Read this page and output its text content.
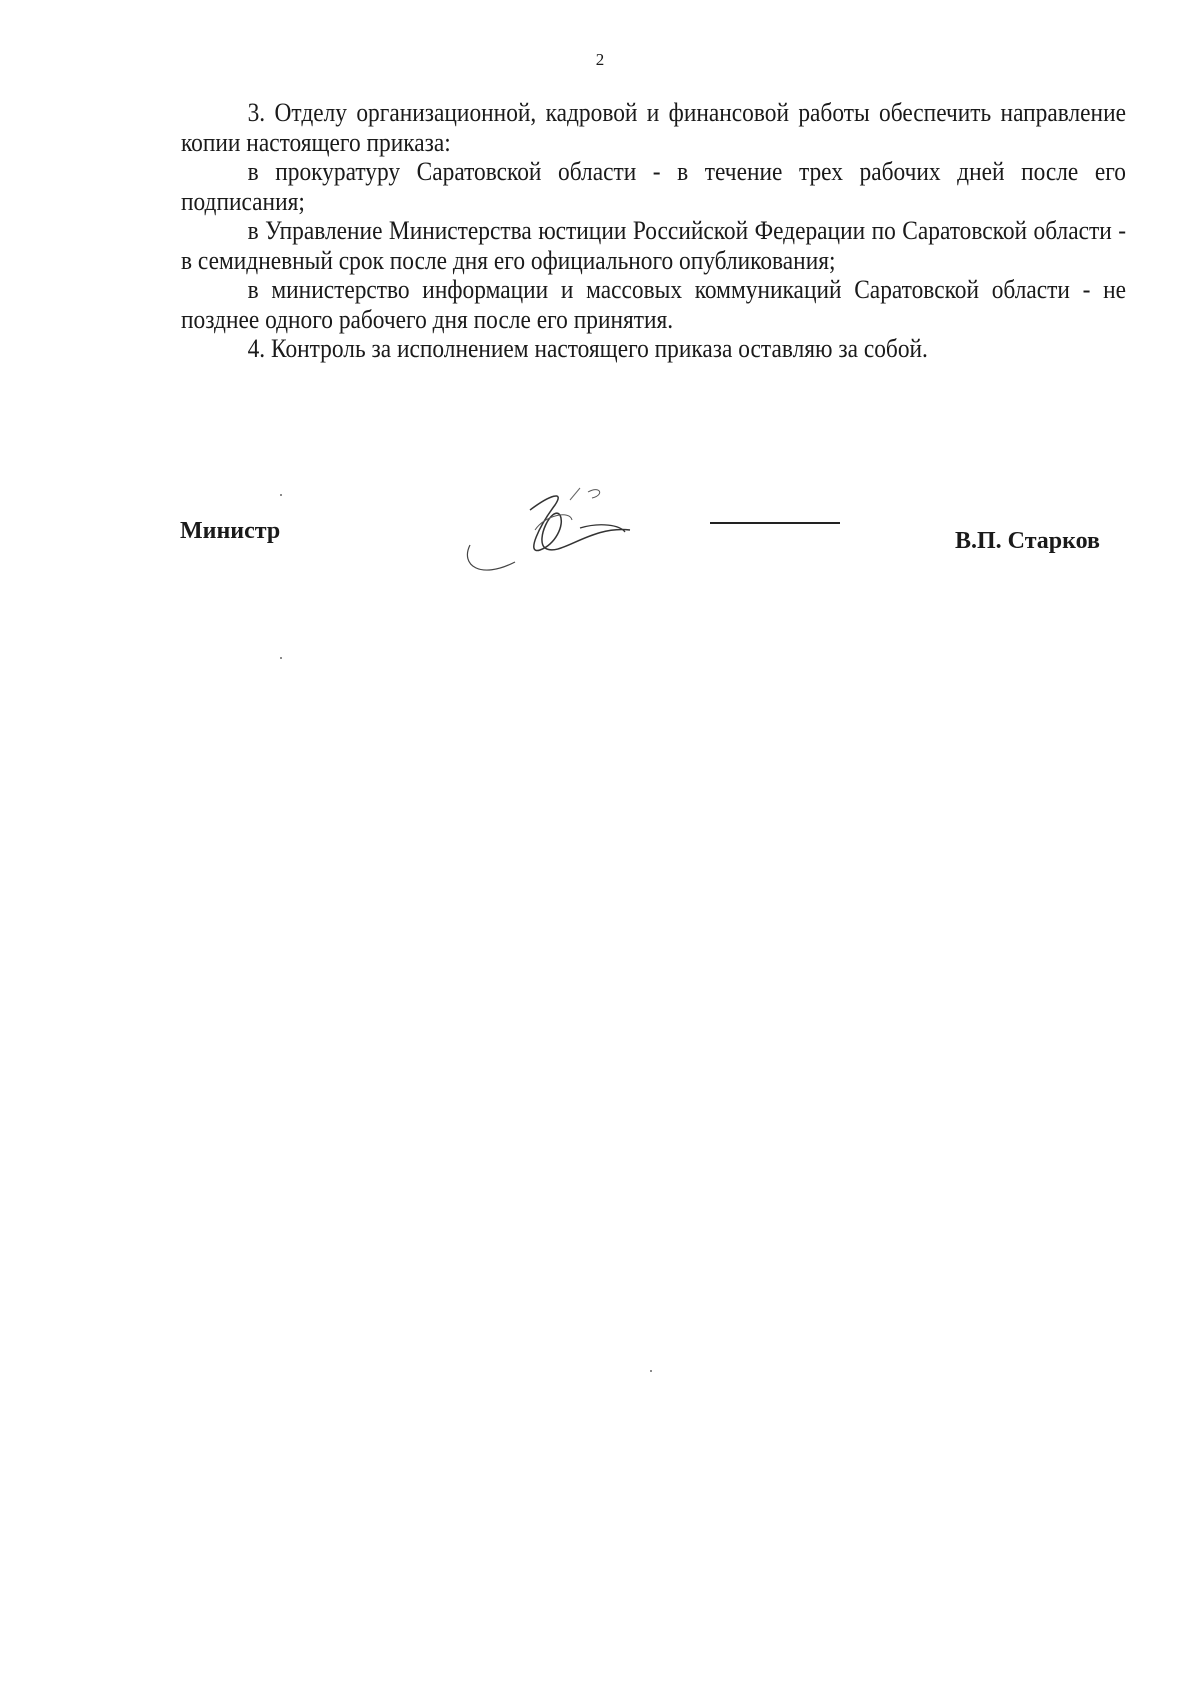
2

3. Отделу организационной, кадровой и финансовой работы обеспечить направление копии настоящего приказа:

в прокуратуру Саратовской области - в течение трех рабочих дней после его подписания;

в Управление Министерства юстиции Российской Федерации по Саратовской области - в семидневный срок после дня его официального опубликования;

в министерство информации и массовых коммуникаций Саратовской области - не позднее одного рабочего дня после его принятия.

4. Контроль за исполнением настоящего приказа оставляю за собой.

Министр	В.П. Старков
